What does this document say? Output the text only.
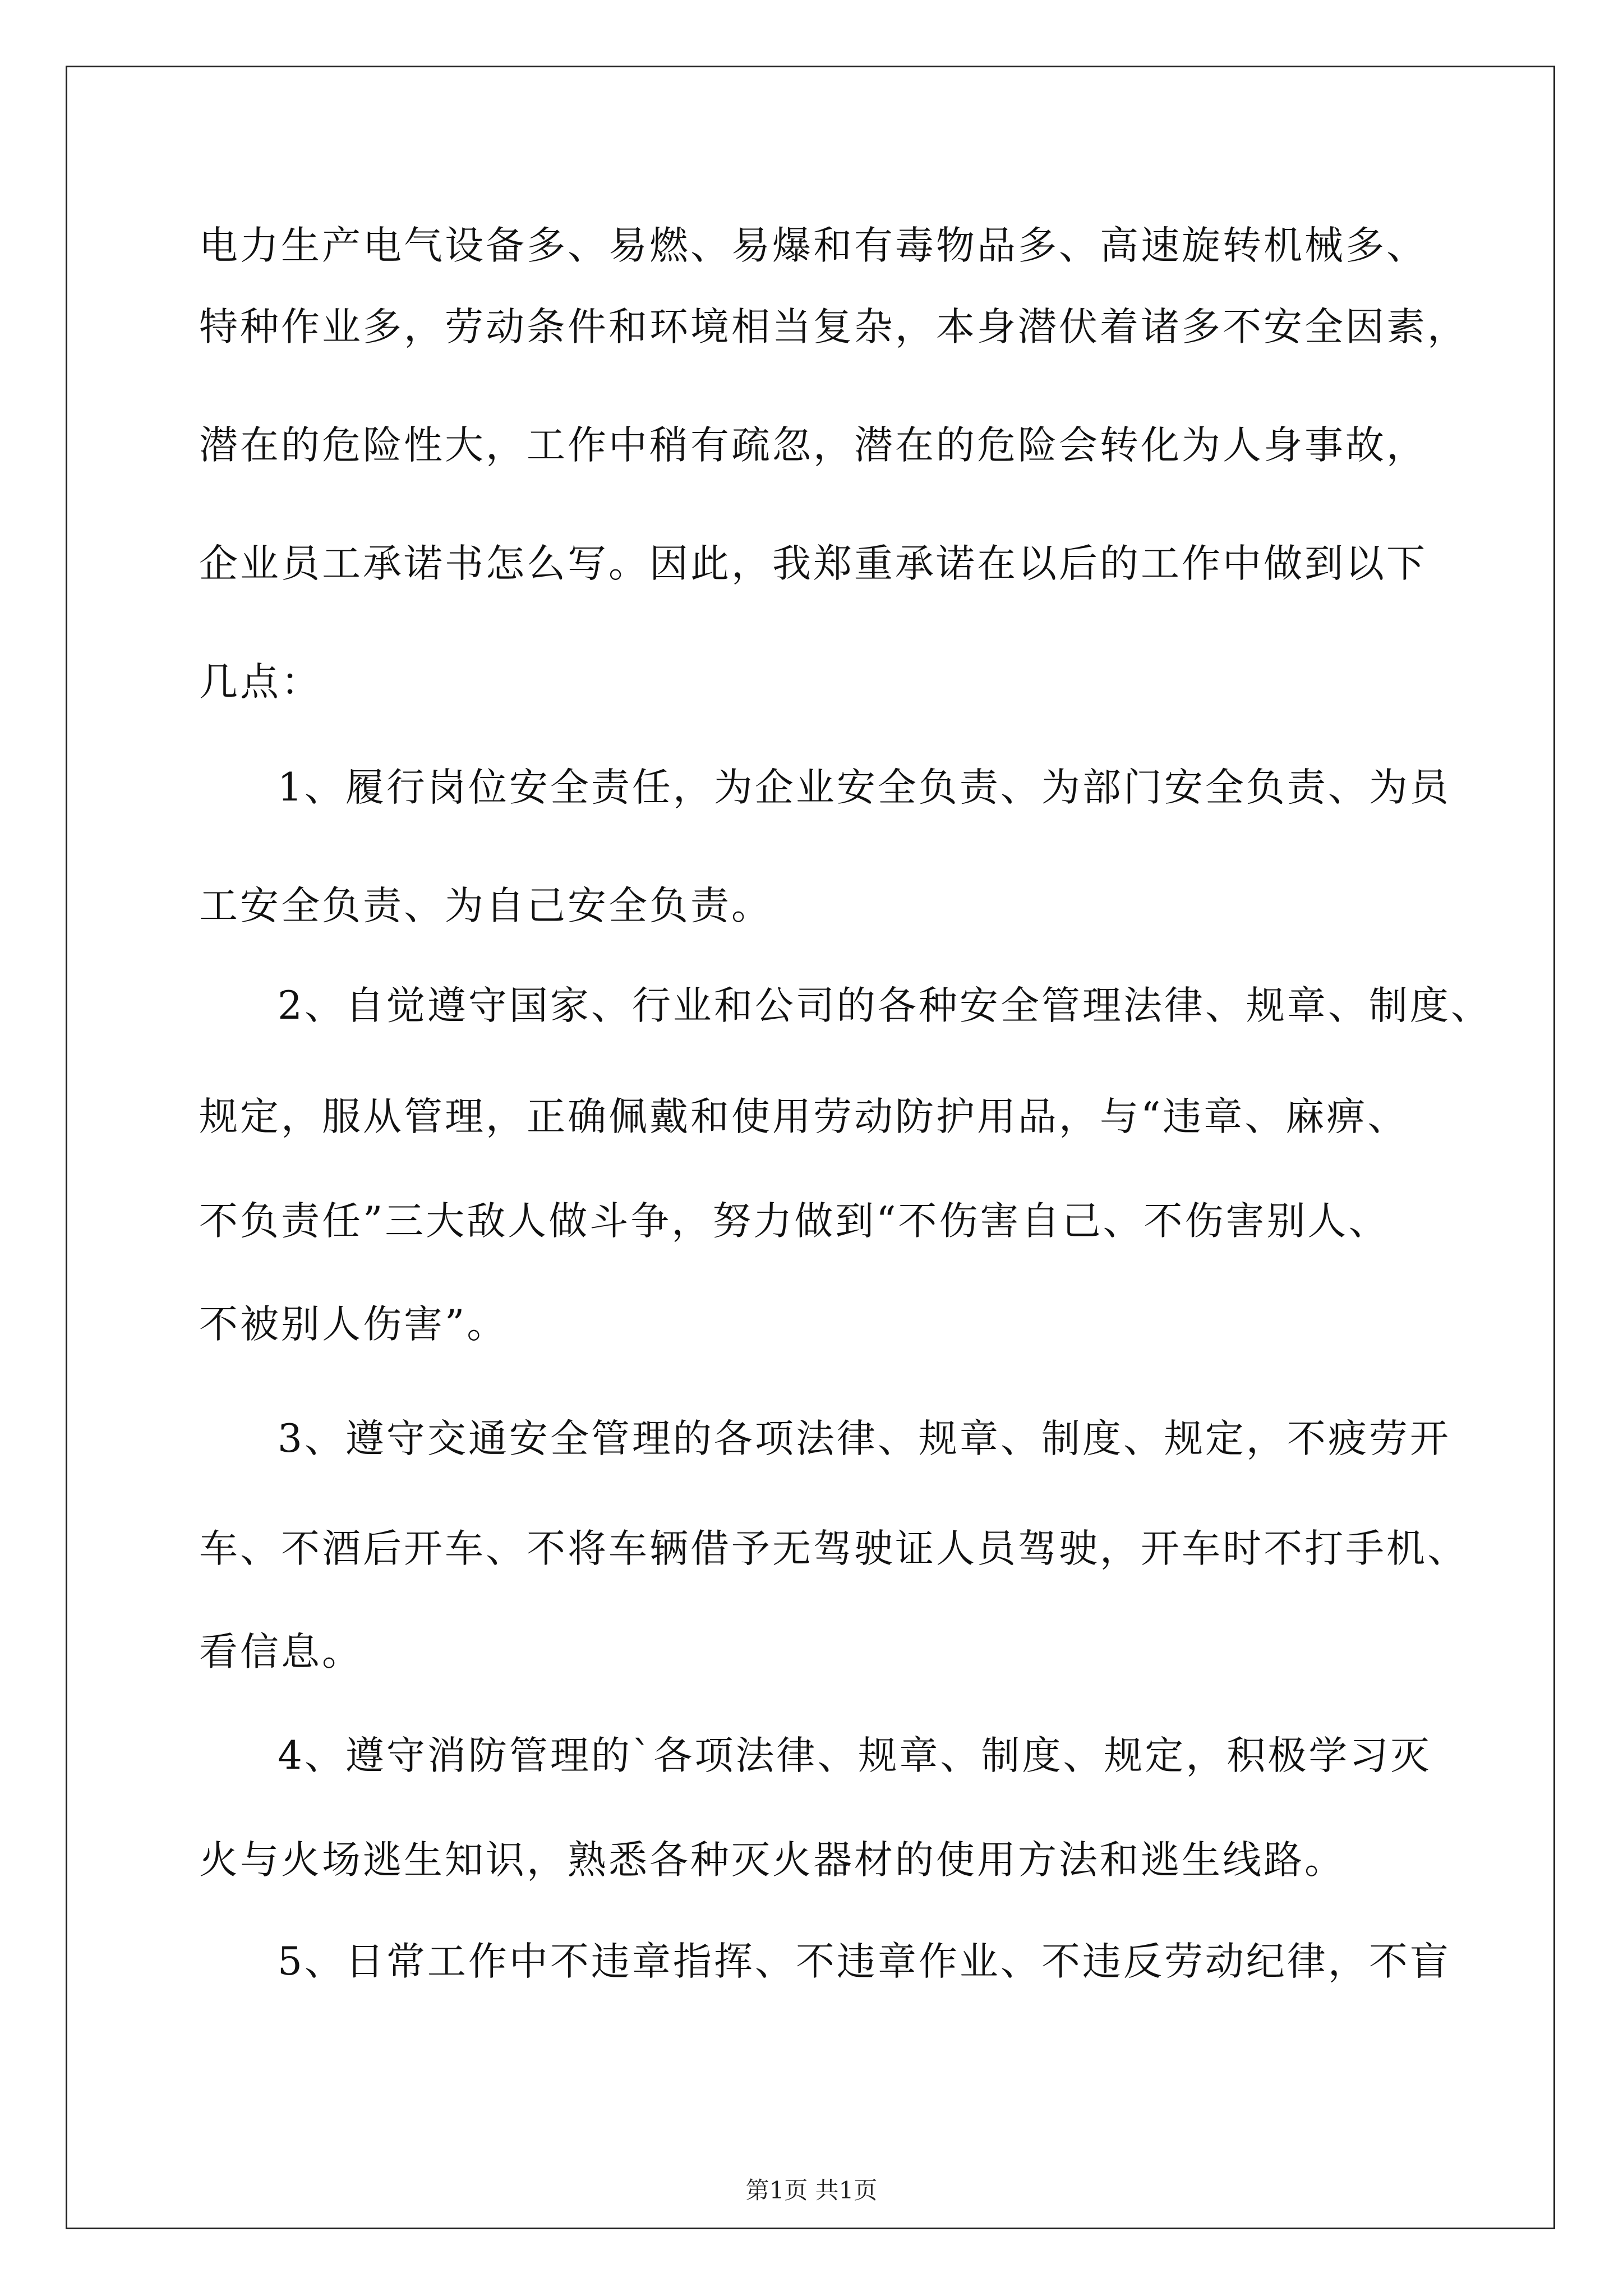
电力生产电气设备多、易燃、易爆和有毒物品多、高速旋转机械多、
特种作业多，劳动条件和环境相当复杂，本身潜伏着诸多不安全因素，
潜在的危险性大，工作中稍有疏忽，潜在的危险会转化为人身事故，
企业员工承诺书怎么写。因此，我郑重承诺在以后的工作中做到以下
几点：
1、履行岗位安全责任，为企业安全负责、为部门安全负责、为员
工安全负责、为自己安全负责。
2、自觉遵守国家、行业和公司的各种安全管理法律、规章、制度、
规定，服从管理，正确佩戴和使用劳动防护用品，与“违章、麻痹、
不负责任”三大敌人做斗争，努力做到“不伤害自己、不伤害别人、
不被别人伤害”。
3、遵守交通安全管理的各项法律、规章、制度、规定，不疲劳开
车、不酒后开车、不将车辆借予无驾驶证人员驾驶，开车时不打手机、
看信息。
4、遵守消防管理的`各项法律、规章、制度、规定，积极学习灭
火与火场逃生知识，熟悉各种灭火器材的使用方法和逃生线路。
5、日常工作中不违章指挥、不违章作业、不违反劳动纪律，不盲
第1页 共1页
